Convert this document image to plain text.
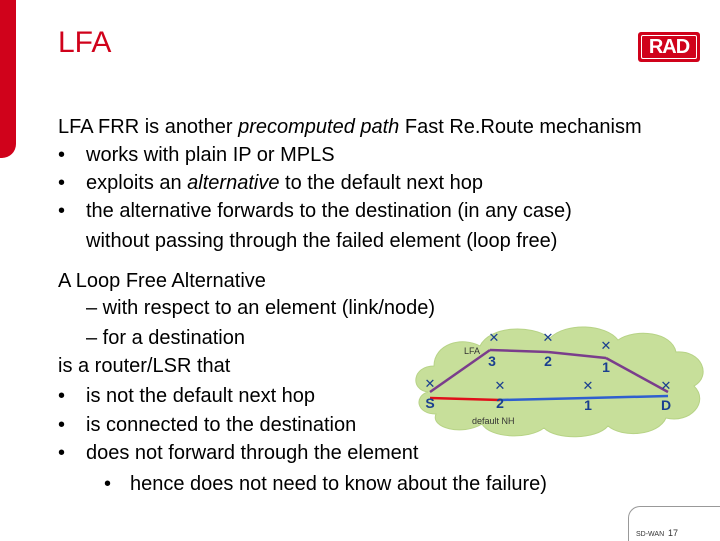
LFA	RAD
LFA FRR is another precomputed path Fast Re.Route mechanism
• works with plain IP or MPLS
• exploits an alternative to the default next hop
• the alternative forwards to the destination (in any case)
without passing through the failed element (loop free)
A Loop Free Alternative
– with respect to an element (link/node)
– for a destination
is a router/LSR that
• is not the default next hop
• is connected to the destination
• does not forward through the element
• hence does not need to know about the failure)
✕
3
✕
2
✕
1
✕
S
✕
2
✕
1
✕
D
LFA
default NH
SD-WAN 17
